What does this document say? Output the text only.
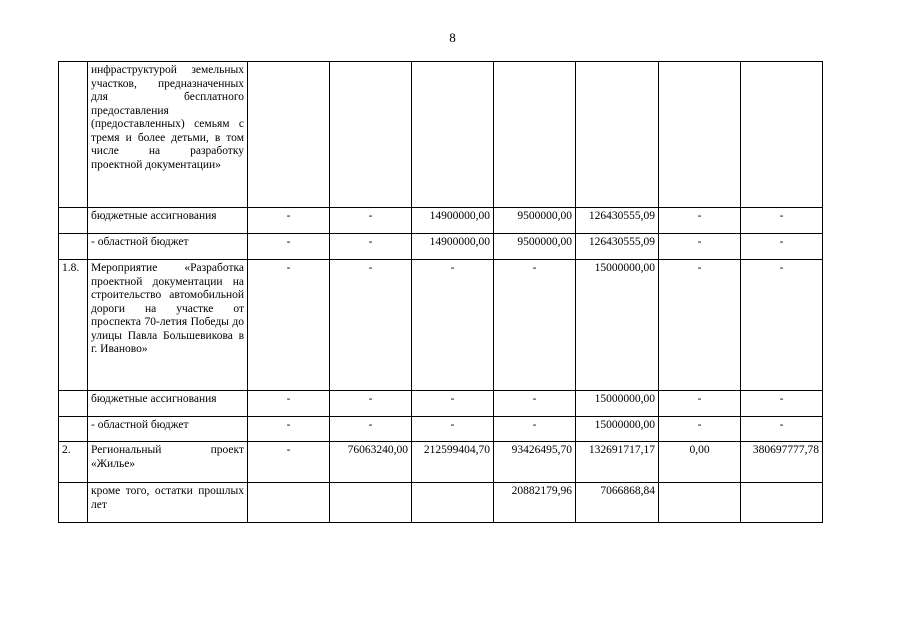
8
	инфраструктурой земельных участков, предназначенных для бесплатного предоставления (предоставленных) семьям с тремя и более детьми, в том числе на разработку проектной документации»							
	бюджетные ассигнования	-	-	14900000,00	9500000,00	126430555,09	-	-
	- областной бюджет	-	-	14900000,00	9500000,00	126430555,09	-	-
1.8.	Мероприятие «Разработка проектной документации на строительство автомобильной дороги на участке от проспекта 70-летия Победы до улицы Павла Большевикова в г. Иваново»	-	-	-	-	15000000,00	-	-
	бюджетные ассигнования	-	-	-	-	15000000,00	-	-
	- областной бюджет	-	-	-	-	15000000,00	-	-
2.	Региональный проект «Жилье»	-	76063240,00	212599404,70	93426495,70	132691717,17	0,00	380697777,78
	кроме того, остатки прошлых лет				20882179,96	7066868,84		
